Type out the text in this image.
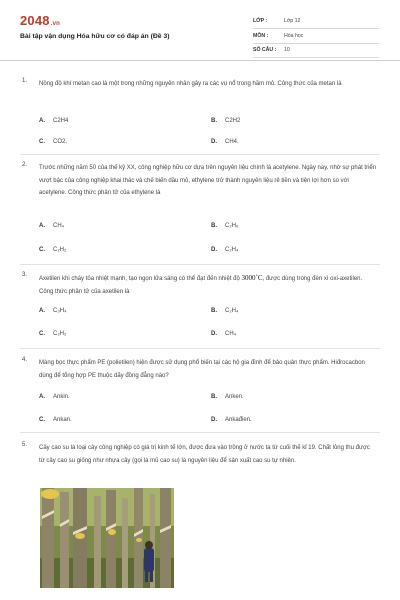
2048.vn
Bài tập vận dụng Hóa hữu cơ có đáp án (Đề 3)
LỚP :	Lớp 12
MÔN :	Hóa học
SỐ CÂU : 10
1. Nồng độ khí metan cao là một trong những nguyên nhân gây ra các vụ nổ trong hầm mỏ. Công thức của metan là
A. C2H4	B. C2H2
C. CO2.	D. CH4.
2. Trước những năm 50 của thế kỷ XX, công nghiệp hữu cơ dựa trên nguyên liệu chính là acetylene. Ngày nay, nhờ sự phát triển vượt bậc của công nghiệp khai thác và chế biến dầu mỏ, ethylene trở thành nguyên liệu rẻ tiền và tiện lợi hơn so với acetylene. Công thức phân tử của ethylene là
A. CH₄	B. C₂H₆
C. C₂H₂	D. C₂H₄
3.
Axetilen khi cháy tỏa nhiệt mạnh, tạo ngọn lửa sáng có thể đạt đến nhiệt độ 3000˚C, được dùng trong đèn xì oxi-axetilen. Công thức phân tử của axetilen là
A. C₃H₄	B. C₂H₄
C. C₂H₂	D. CH₄
4. Màng bọc thực phẩm PE (polietilen) hiện được sử dụng phổ biến tại các hộ gia đình để bảo quản thực phẩm. Hiđrocacbon dùng để tổng hợp PE thuộc dãy đồng đẳng nào?
A. Ankin.	B. Anken.
C. Ankan.	D. Ankađien.
5. Cây cao su là loại cây công nghiệp có giá trị kinh tế lớn, được đưa vào trồng ở nước ta từ cuối thế kỉ 19. Chất lỏng thu được từ cây cao su giống như nhựa cây (gọi là mủ cao su) là nguyên liệu để sản xuất cao su tự nhiên.
